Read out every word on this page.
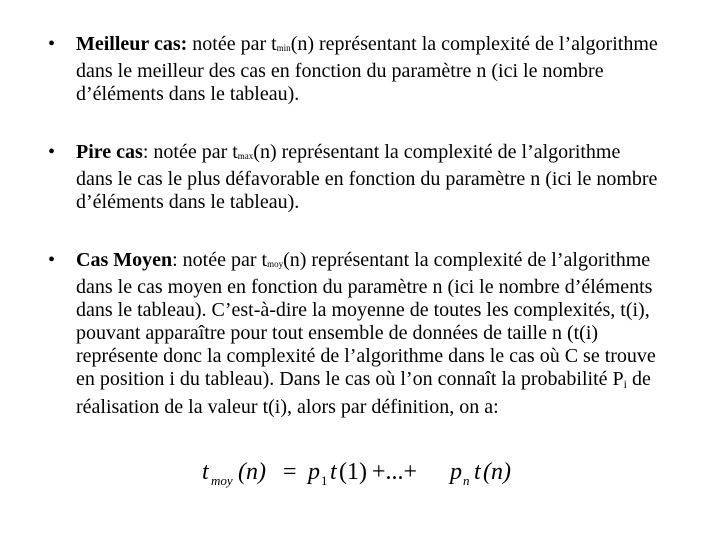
• Meilleur cas: notée par tmin(n) représentant la complexité de l’algorithme dans le meilleur des cas en fonction du paramètre n (ici le nombre d’éléments dans le tableau).
• Pire cas: notée par tmax(n) représentant la complexité de l’algorithme dans le cas le plus défavorable en fonction du paramètre n (ici le nombre d’éléments dans le tableau).
• Cas Moyen: notée par tmoy(n) représentant la complexité de l’algorithme dans le cas moyen en fonction du paramètre n (ici le nombre d’éléments dans le tableau). C’est-à-dire la moyenne de toutes les complexités, t(i), pouvant apparaître pour tout ensemble de données de taille n (t(i) représente donc la complexité de l’algorithme dans le cas où C se trouve en position i du tableau). Dans le cas où l’on connaît la probabilité Pi de réalisation de la valeur t(i), alors par définition, on a:
t moy (n) = p 1 t (1) +...+ p n t (n)
